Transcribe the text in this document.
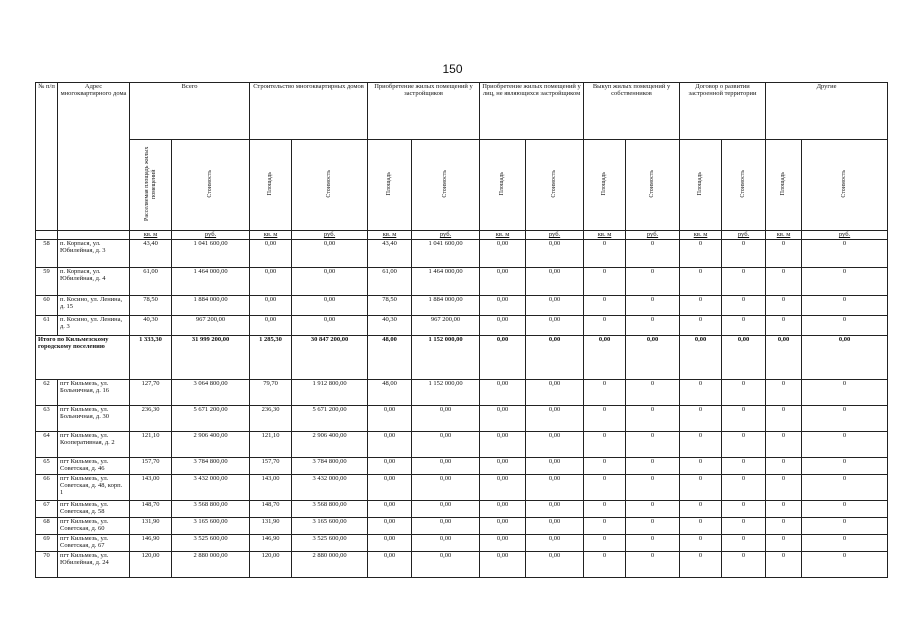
150
№ п/п	Адрес многоквартирного дома	Всего		Строительство многоквартирных домов		Приобретение жилых помещений у застройщиков		Приобретение жилых помещений у лиц, не являющихся застройщиком		Выкуп жилых помещений у собственников		Договор о развитии застроенной территории		Другие	
		Расселяемая площадь жилых помещений	Стоимость	Площадь	Стоимость	Площадь	Стоимость	Площадь	Стоимость	Площадь	Стоимость	Площадь	Стоимость	Площадь	Стоимость
		кв. м	руб.	кв. м	руб.	кв. м	руб.	кв. м	руб.	кв. м	руб.	кв. м	руб.	кв. м	руб.
58	п. Корпася, ул. Юбилейная, д. 3	43,40	1 041 600,00	0,00	0,00	43,40	1 041 600,00	0,00	0,00	0	0	0	0	0	0
59	п. Корпася, ул. Юбилейная, д. 4	61,00	1 464 000,00	0,00	0,00	61,00	1 464 000,00	0,00	0,00	0	0	0	0	0	0
60	п. Косино, ул. Ленина, д. 15	78,50	1 884 000,00	0,00	0,00	78,50	1 884 000,00	0,00	0,00	0	0	0	0	0	0
61	п. Косино, ул. Ленина, д. 3	40,30	967 200,00	0,00	0,00	40,30	967 200,00	0,00	0,00	0	0	0	0	0	0
Итого по Кильмезскому городскому поселению		1 333,30	31 999 200,00	1 285,30	30 847 200,00	48,00	1 152 000,00	0,00	0,00	0,00	0,00	0,00	0,00	0,00	0,00
62	пгт Кильмезь, ул. Больничная, д. 16	127,70	3 064 800,00	79,70	1 912 800,00	48,00	1 152 000,00	0,00	0,00	0	0	0	0	0	0
63	пгт Кильмезь, ул. Больничная, д. 30	236,30	5 671 200,00	236,30	5 671 200,00	0,00	0,00	0,00	0,00	0	0	0	0	0	0
64	пгт Кильмезь, ул. Кооперативная, д. 2	121,10	2 906 400,00	121,10	2 906 400,00	0,00	0,00	0,00	0,00	0	0	0	0	0	0
65	пгт Кильмезь, ул. Советская, д. 46	157,70	3 784 800,00	157,70	3 784 800,00	0,00	0,00	0,00	0,00	0	0	0	0	0	0
66	пгт Кильмезь, ул. Советская, д. 48, корп. 1	143,00	3 432 000,00	143,00	3 432 000,00	0,00	0,00	0,00	0,00	0	0	0	0	0	0
67	пгт Кильмезь, ул. Советская, д. 58	148,70	3 568 800,00	148,70	3 568 800,00	0,00	0,00	0,00	0,00	0	0	0	0	0	0
68	пгт Кильмезь, ул. Советская, д. 60	131,90	3 165 600,00	131,90	3 165 600,00	0,00	0,00	0,00	0,00	0	0	0	0	0	0
69	пгт Кильмезь, ул. Советская, д. 67	146,90	3 525 600,00	146,90	3 525 600,00	0,00	0,00	0,00	0,00	0	0	0	0	0	0
70	пгт Кильмезь, ул. Юбилейная, д. 24	120,00	2 880 000,00	120,00	2 880 000,00	0,00	0,00	0,00	0,00	0	0	0	0	0	0
